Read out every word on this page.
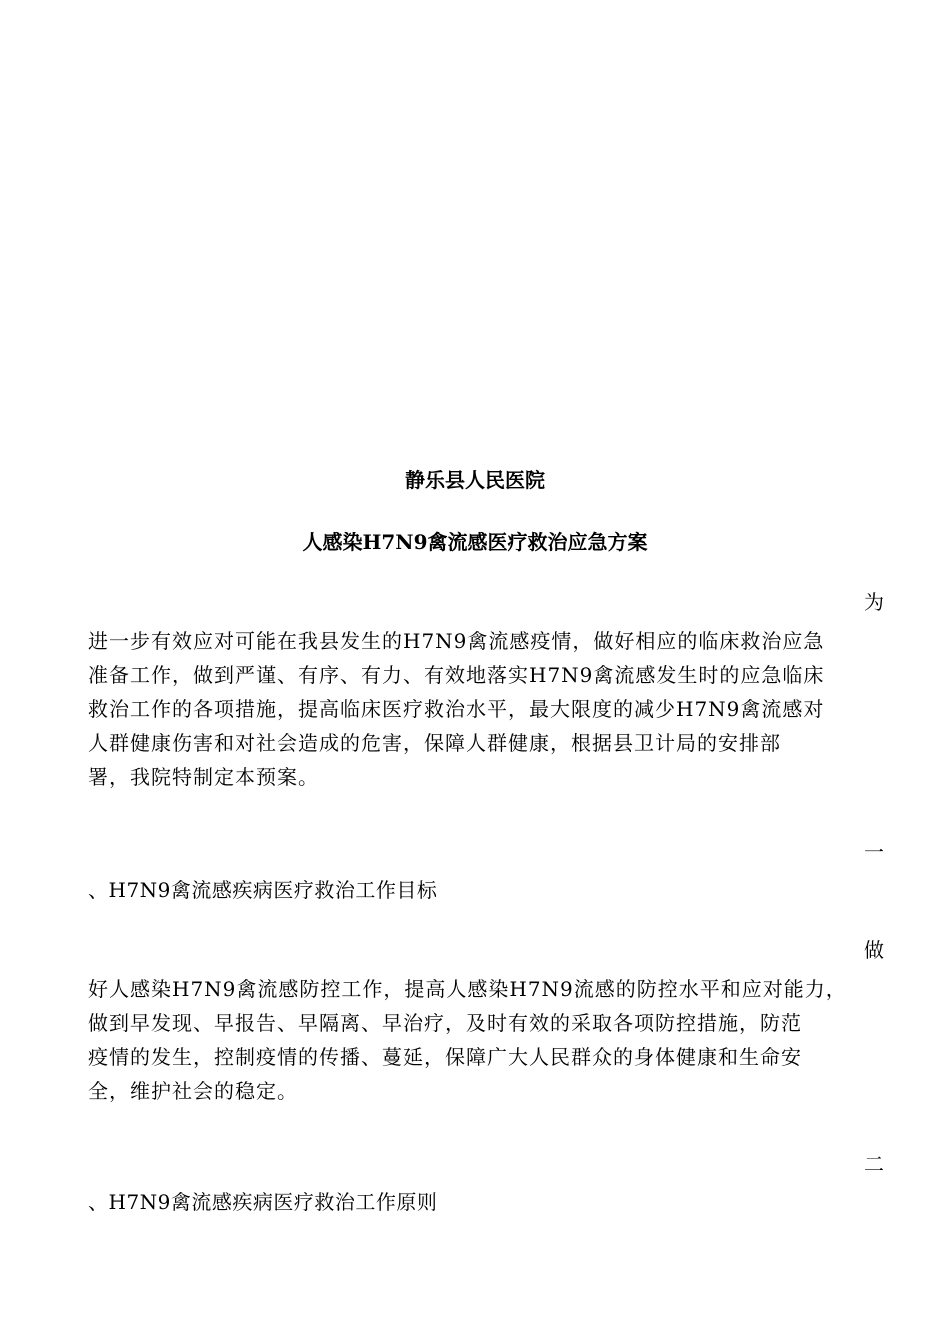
静乐县人民医院
人感染H7N9禽流感医疗救治应急方案
为
进一步有效应对可能在我县发生的H7N9禽流感疫情，做好相应的临床救治应急
准备工作，做到严谨、有序、有力、有效地落实H7N9禽流感发生时的应急临床
救治工作的各项措施，提高临床医疗救治水平，最大限度的减少H7N9禽流感对
人群健康伤害和对社会造成的危害，保障人群健康，根据县卫计局的安排部
署，我院特制定本预案。
一
、H7N9禽流感疾病医疗救治工作目标
做
好人感染H7N9禽流感防控工作，提高人感染H7N9流感的防控水平和应对能力，
做到早发现、早报告、早隔离、早治疗，及时有效的采取各项防控措施，防范
疫情的发生，控制疫情的传播、蔓延，保障广大人民群众的身体健康和生命安
全，维护社会的稳定。
二
、H7N9禽流感疾病医疗救治工作原则
